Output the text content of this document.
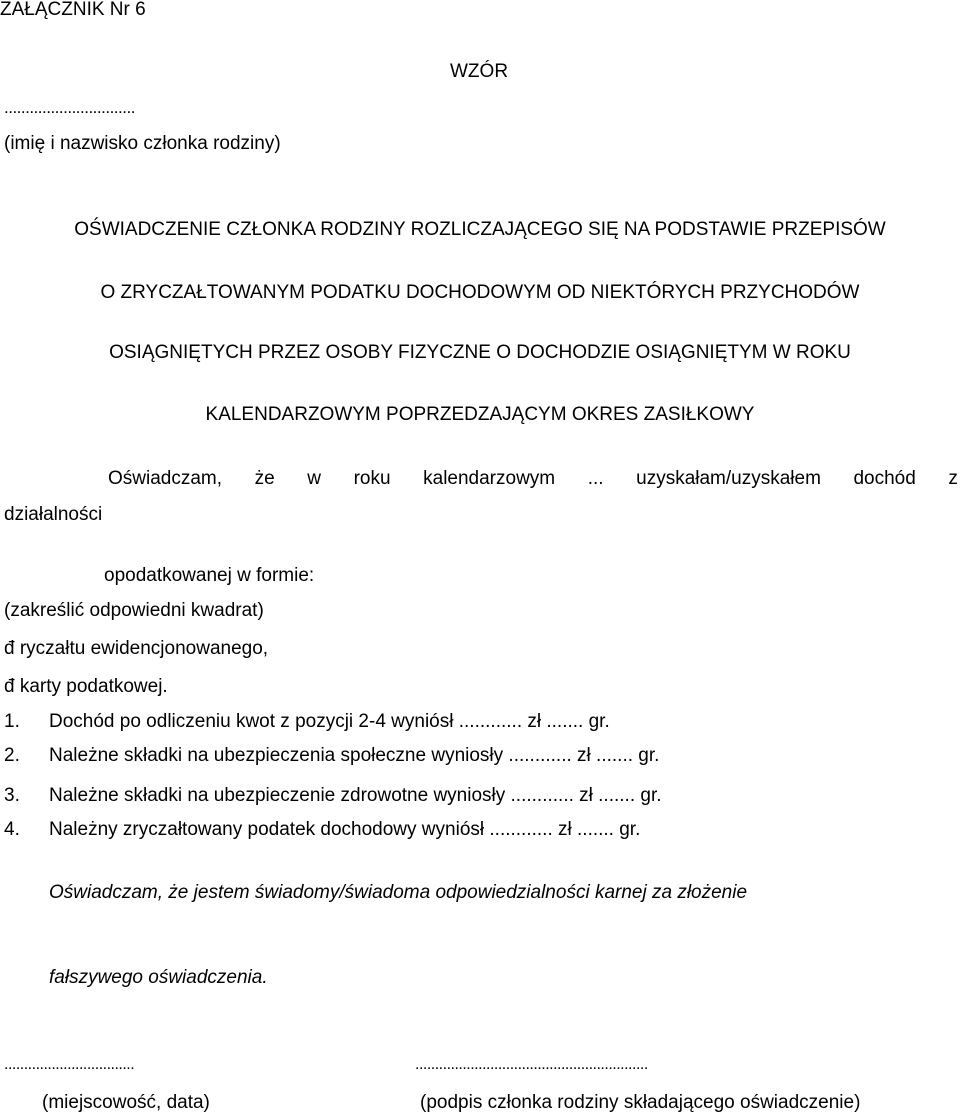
ZAŁĄCZNIK Nr 6
WZÓR
...............................
(imię i nazwisko członka rodziny)
OŚWIADCZENIE CZŁONKA RODZINY ROZLICZAJĄCEGO SIĘ NA PODSTAWIE PRZEPISÓW
O ZRYCZAŁTOWANYM PODATKU DOCHODOWYM OD NIEKTÓRYCH PRZYCHODÓW
OSIĄGNIĘTYCH PRZEZ OSOBY FIZYCZNE O DOCHODZIE OSIĄGNIĘTYM W ROKU
KALENDARZOWYM POPRZEDZAJĄCYM OKRES ZASIŁKOWY
Oświadczam, że w roku kalendarzowym ... uzyskałam/uzyskałem dochód z
działalności
opodatkowanej w formie:
(zakreślić odpowiedni kwadrat)
đ ryczałtu ewidencjonowanego,
đ karty podatkowej.
1. Dochód po odliczeniu kwot z pozycji 2-4 wyniósł ............ zł ....... gr.
2. Należne składki na ubezpieczenia społeczne wyniosły ............ zł ....... gr.
3. Należne składki na ubezpieczenie zdrowotne wyniosły ............ zł ....... gr.
4. Należny zryczałtowany podatek dochodowy wyniósł ............ zł ....... gr.
Oświadczam, że jestem świadomy/świadoma odpowiedzialności karnej za złożenie
fałszywego oświadczenia.
.................................	...........................................................
(miejscowość, data)	(podpis członka rodziny składającego oświadczenie)
